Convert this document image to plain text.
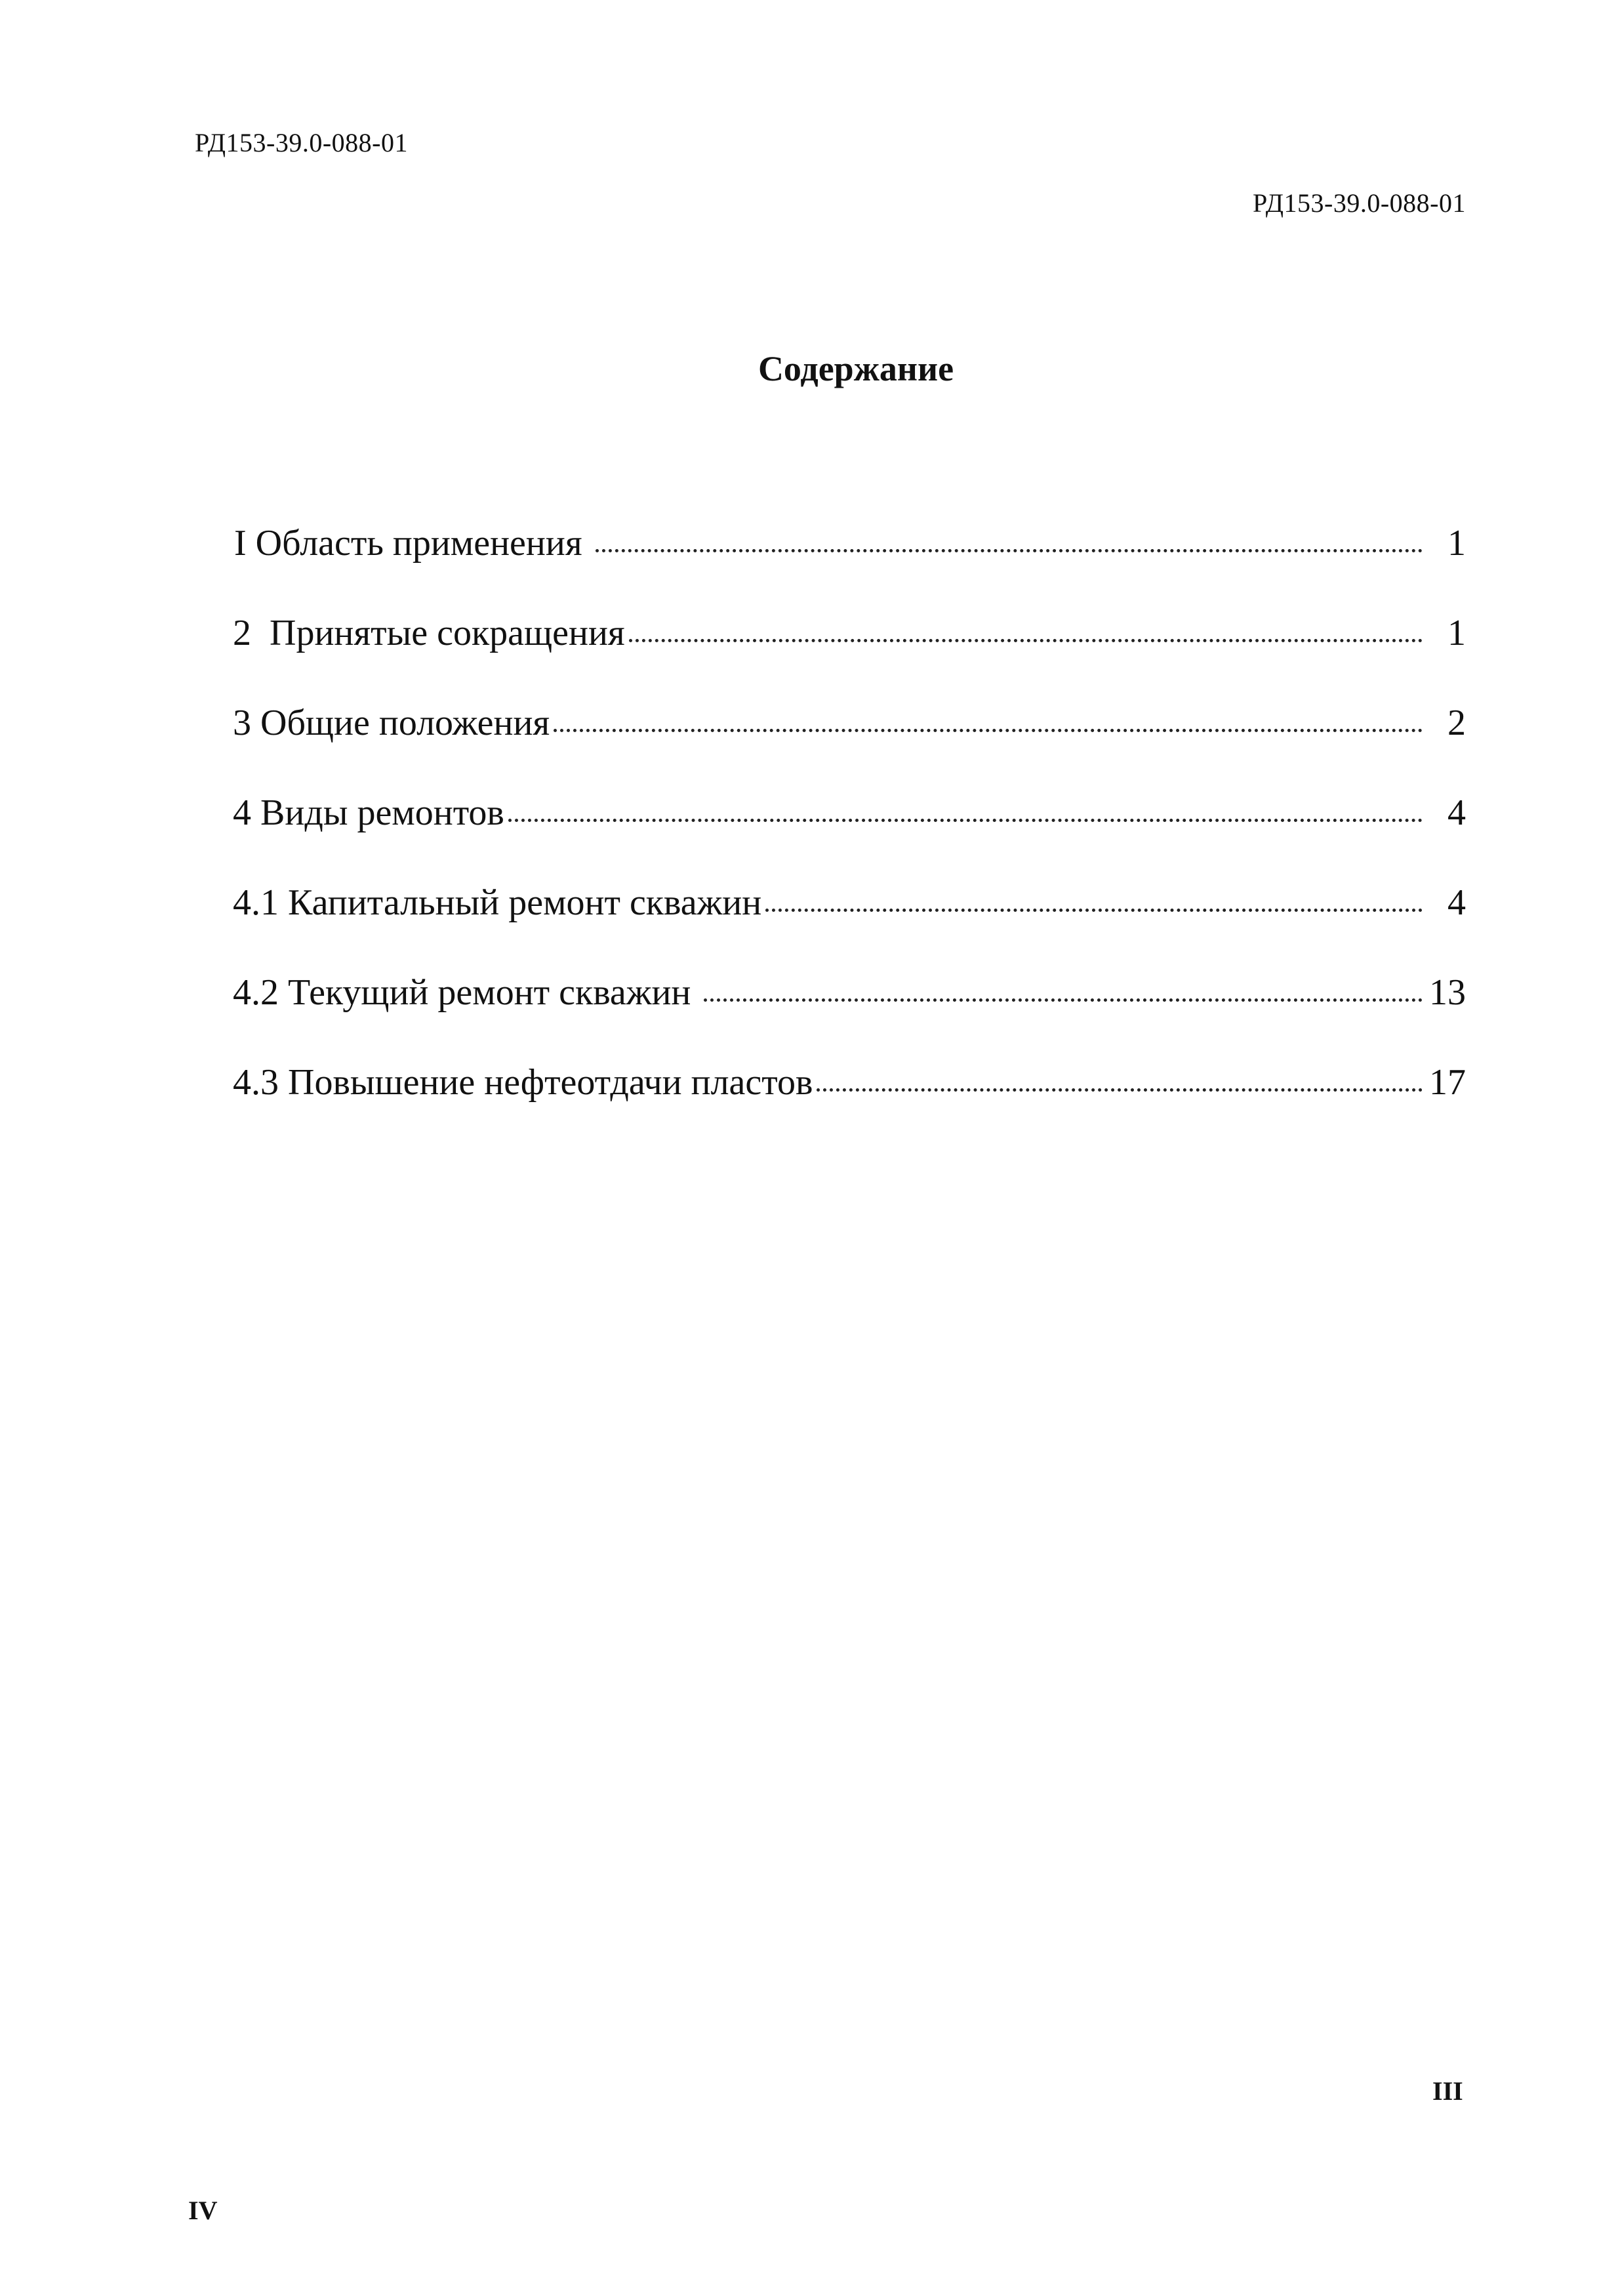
РД153-39.0-088-01
РД153-39.0-088-01
Содержание
I Область применения	1
2  Принятые сокращения	1
3 Общие положения	2
4 Виды ремонтов	4
4.1 Капитальный ремонт скважин	4
4.2 Текущий ремонт скважин	13
4.3 Повышение нефтеотдачи пластов	17
III
IV
